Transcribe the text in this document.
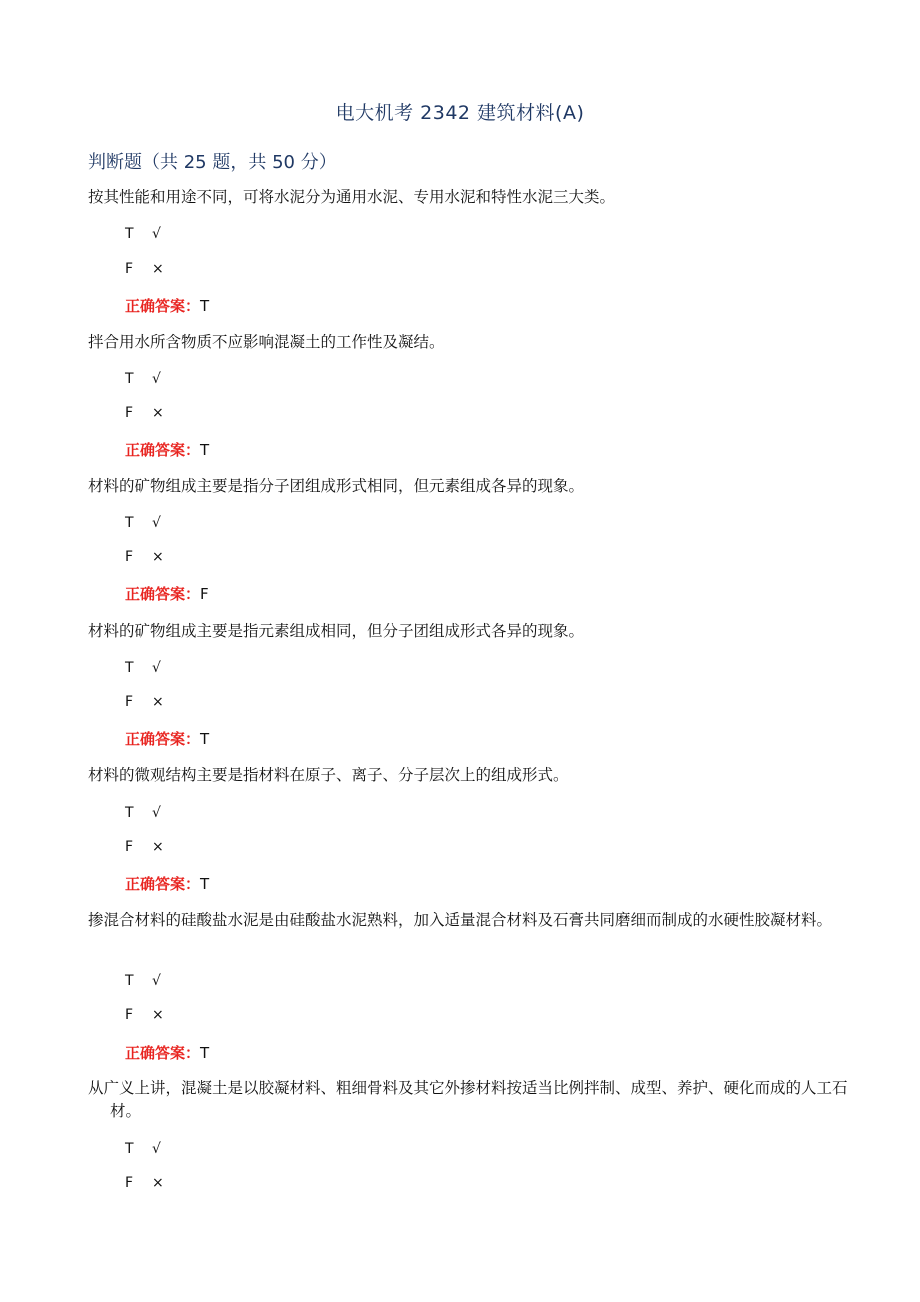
电大机考 2342 建筑材料(A)
判断题（共 25 题，共 50 分）

按其性能和用途不同，可将水泥分为通用水泥、专用水泥和特性水泥三大类。

T √
F ×
正确答案：T

拌合用水所含物质不应影响混凝土的工作性及凝结。

T √
F ×
正确答案：T

材料的矿物组成主要是指分子团组成形式相同，但元素组成各异的现象。

T √
F ×
正确答案：F

材料的矿物组成主要是指元素组成相同，但分子团组成形式各异的现象。

T √
F ×
正确答案：T

材料的微观结构主要是指材料在原子、离子、分子层次上的组成形式。

T √
F ×
正确答案：T

掺混合材料的硅酸盐水泥是由硅酸盐水泥熟料，加入适量混合材料及石膏共同磨细而制成的水硬性胶凝材料。

T √
F ×
正确答案：T

从广义上讲，混凝土是以胶凝材料、粗细骨料及其它外掺材料按适当比例拌制、成型、养护、硬化而成的人工石材。

T √
F ×
